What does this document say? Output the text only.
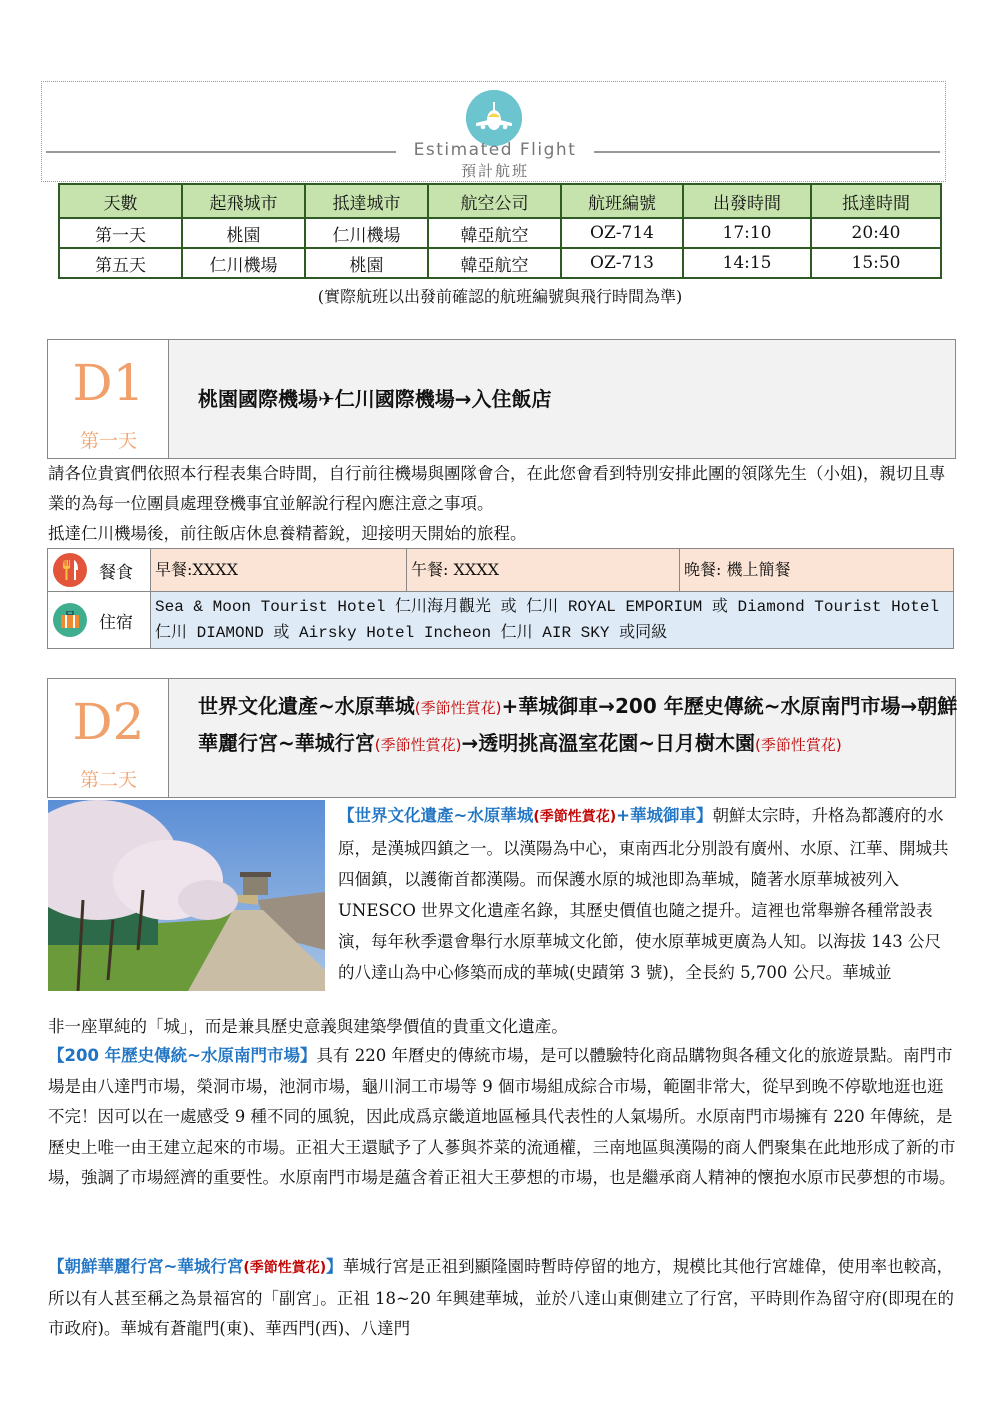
Estimated Flight
預計航班
天數	起飛城市	抵達城市	航空公司	航班編號	出發時間	抵達時間
第一天	桃園	仁川機場	韓亞航空	OZ-714	17:10	20:40
第五天	仁川機場	桃園	韓亞航空	OZ-713	14:15	15:50
(實際航班以出發前確認的航班編號與飛行時間為準)
D1
第一天
桃園國際機場✈仁川國際機場→入住飯店
請各位貴賓們依照本行程表集合時間，自行前往機場與團隊會合，在此您會看到特別安排此團的領隊先生（小姐)，親切且專業的為每一位團員處理登機事宜並解說行程內應注意之事項。
抵達仁川機場後，前往飯店休息養精蓄銳，迎接明天開始的旅程。
餐食 早餐:XXXX	午餐: XXXX	晚餐: 機上簡餐
住宿
Sea & Moon Tourist Hotel 仁川海月觀光 或 仁川 ROYAL EMPORIUM 或 Diamond Tourist Hotel 仁川 DIAMOND 或 Airsky Hotel Incheon 仁川 AIR SKY 或同級
D2
第二天
世界文化遺產~水原華城(季節性賞花)+華城御車→200 年歷史傳統~水原南門市場→朝鮮華麗行宮~華城行宮(季節性賞花)→透明挑高溫室花園~日月樹木園(季節性賞花)
【世界文化遺產~水原華城(季節性賞花)+華城御車】朝鮮太宗時，升格為都護府的水原，是漢城四鎮之一。以漢陽為中心，東南西北分別設有廣州、水原、江華、開城共四個鎮，以護衛首都漢陽。而保護水原的城池即為華城，隨著水原華城被列入 UNESCO 世界文化遺產名錄，其歷史價值也隨之提升。這裡也常舉辦各種常設表演，每年秋季還會舉行水原華城文化節，使水原華城更廣為人知。以海拔 143 公尺的八達山為中心修築而成的華城(史蹟第 3 號)，全長約 5,700 公尺。華城並
非一座單純的「城」，而是兼具歷史意義與建築學價值的貴重文化遺產。
【200 年歷史傳統~水原南門市場】具有 220 年曆史的傳統市場，是可以體驗特化商品購物與各種文化的旅遊景點。南門市場是由八達門市場，榮洞市場，池洞市場，龜川洞工市場等 9 個市場組成綜合市場，範圍非常大，從早到晚不停歇地逛也逛不完！因可以在一處感受 9 種不同的風貌，因此成爲京畿道地區極具代表性的人氣場所。水原南門市場擁有 220 年傳統，是歷史上唯一由王建立起來的市場。正祖大王還賦予了人蔘與芥菜的流通權，三南地區與漢陽的商人們聚集在此地形成了新的市場，強調了市場經濟的重要性。水原南門市場是蘊含着正祖大王夢想的市場，也是繼承商人精神的懷抱水原市民夢想的市場。
【朝鮮華麗行宮~華城行宮(季節性賞花)】華城行宮是正祖到顯隆園時暫時停留的地方，規模比其他行宮雄偉，使用率也較高，所以有人甚至稱之為景福宮的「副宮」。正祖 18~20 年興建華城，並於八達山東側建立了行宮，平時則作為留守府(即現在的市政府)。華城有蒼龍門(東)、華西門(西)、八達門
